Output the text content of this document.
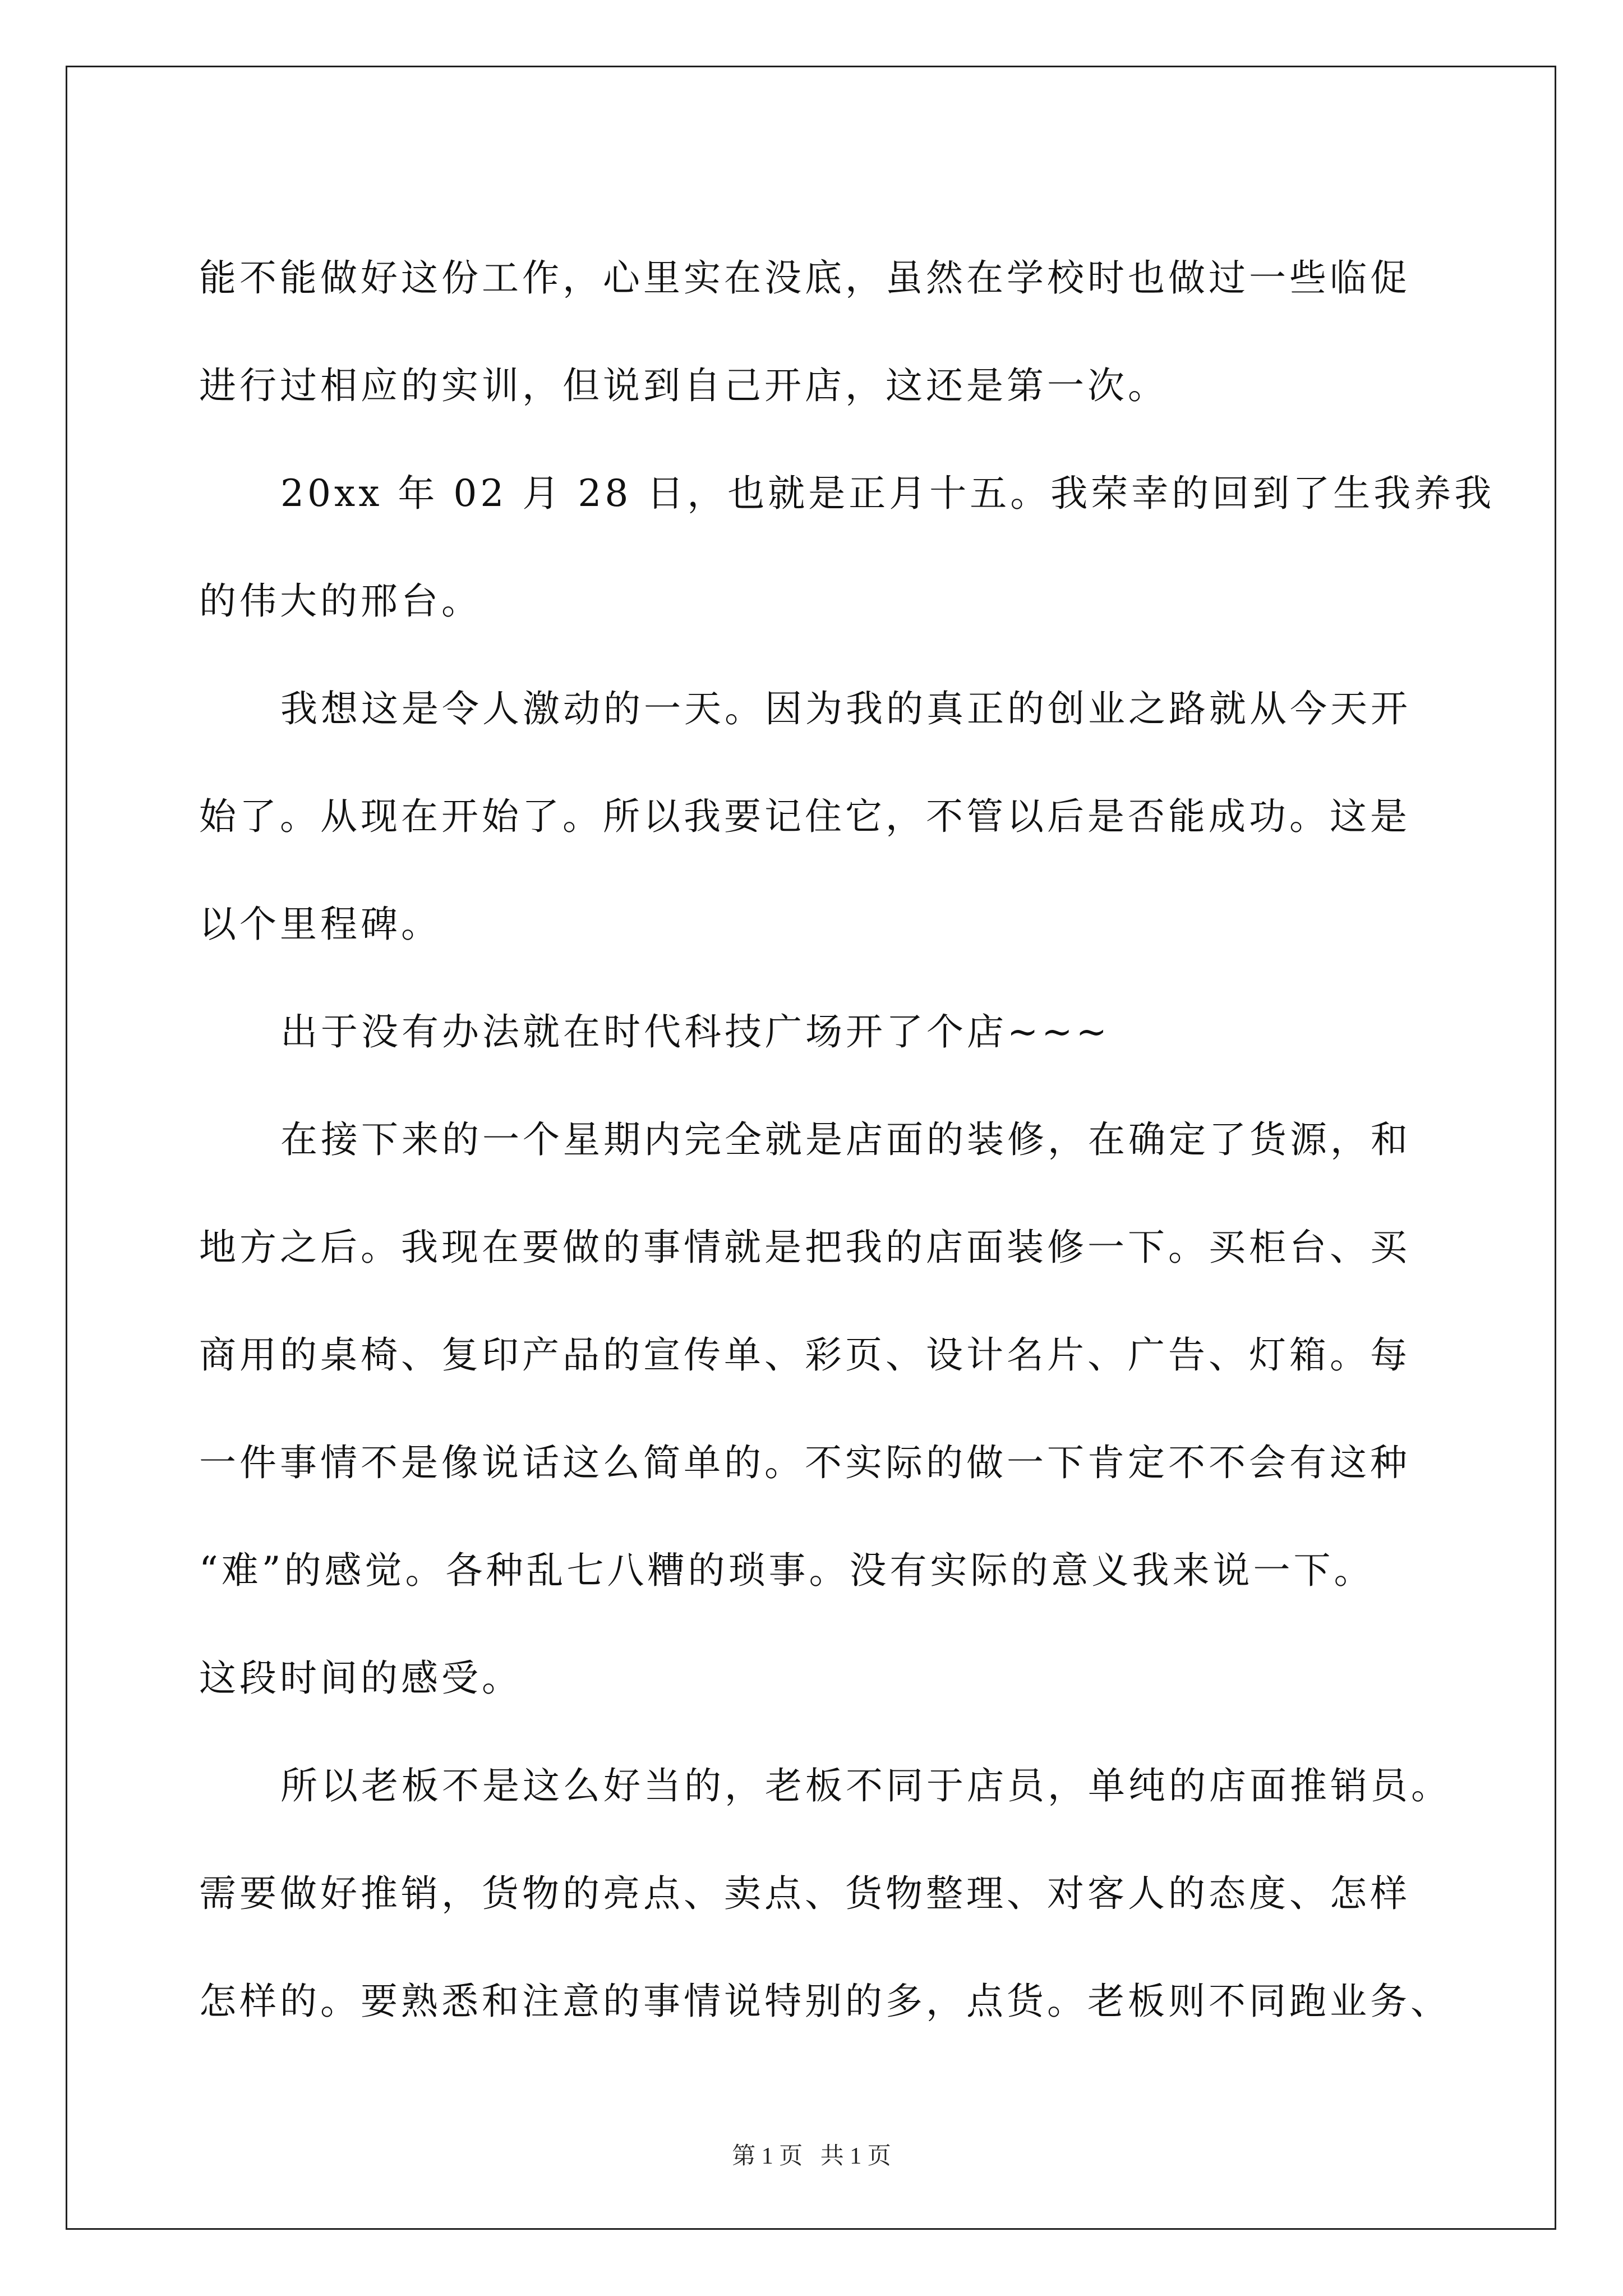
能不能做好这份工作，心里实在没底，虽然在学校时也做过一些临促
进行过相应的实训，但说到自己开店，这还是第一次。
20xx 年 02 月 28 日，也就是正月十五。我荣幸的回到了生我养我
的伟大的邢台。
我想这是令人激动的一天。因为我的真正的创业之路就从今天开
始了。从现在开始了。所以我要记住它，不管以后是否能成功。这是
以个里程碑。
出于没有办法就在时代科技广场开了个店~~~
在接下来的一个星期内完全就是店面的装修，在确定了货源，和
地方之后。我现在要做的事情就是把我的店面装修一下。买柜台、买
商用的桌椅、复印产品的宣传单、彩页、设计名片、广告、灯箱。每
一件事情不是像说话这么简单的。不实际的做一下肯定不不会有这种
“难”的感觉。各种乱七八糟的琐事。没有实际的意义我来说一下。
这段时间的感受。
所以老板不是这么好当的，老板不同于店员，单纯的店面推销员。
需要做好推销，货物的亮点、卖点、货物整理、对客人的态度、怎样
怎样的。要熟悉和注意的事情说特别的多，点货。老板则不同跑业务、
第 1 页   共 1 页
